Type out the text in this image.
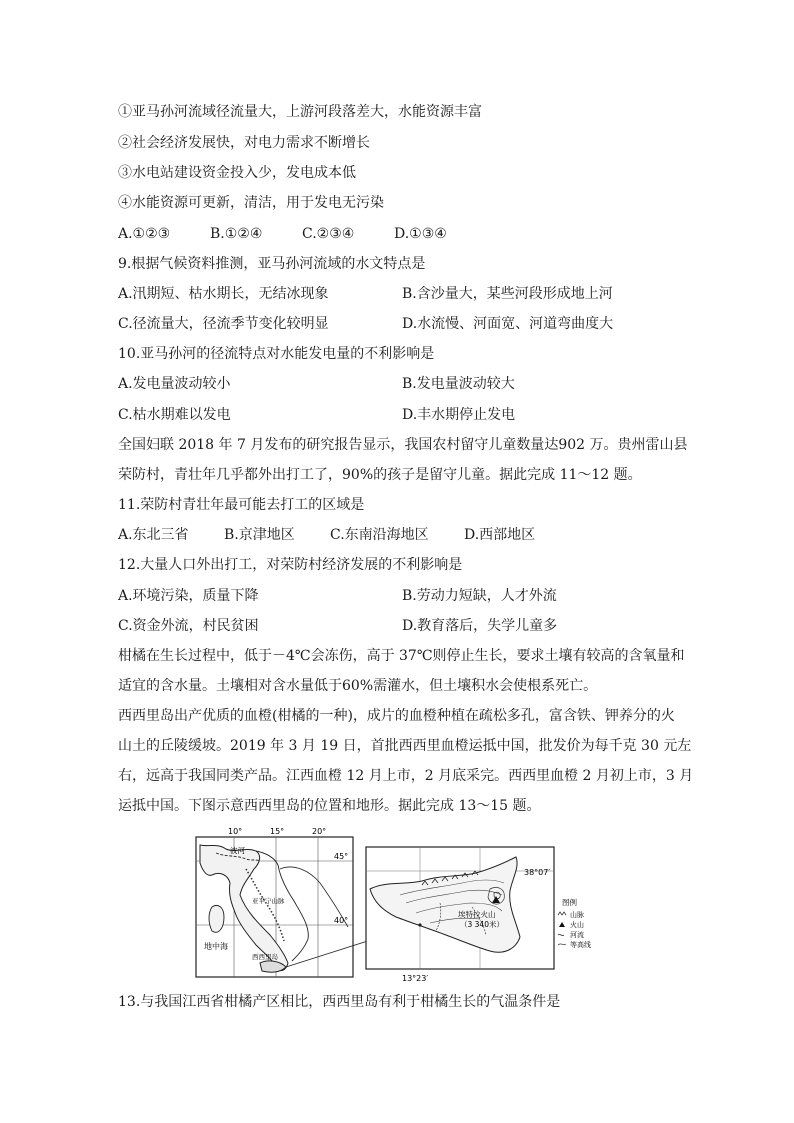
①亚马孙河流域径流量大，上游河段落差大，水能资源丰富
②社会经济发展快，对电力需求不断增长
③水电站建设资金投入少，发电成本低
④水能资源可更新，清洁，用于发电无污染
A.①②③	B.①②④	C.②③④	D.①③④
9.根据气候资料推测，亚马孙河流域的水文特点是
A.汛期短、枯水期长，无结冰现象	B.含沙量大，某些河段形成地上河
C.径流量大，径流季节变化较明显	D.水流慢、河面宽、河道弯曲度大
10.亚马孙河的径流特点对水能发电量的不利影响是
A.发电量波动较小	B.发电量波动较大
C.枯水期难以发电	D.丰水期停止发电
全国妇联 2018 年 7 月发布的研究报告显示，我国农村留守儿童数量达902 万。贵州雷山县
荣防村，青壮年几乎都外出打工了，90%的孩子是留守儿童。据此完成 11～12 题。
11.荣防村青壮年最可能去打工的区域是
A.东北三省	B.京津地区	C.东南沿海地区	D.西部地区
12.大量人口外出打工，对荣防村经济发展的不利影响是
A.环境污染，质量下降	B.劳动力短缺，人才外流
C.资金外流，村民贫困	D.教育落后，失学儿童多
柑橘在生长过程中，低于－4℃会冻伤，高于 37℃则停止生长，要求土壤有较高的含氧量和
适宜的含水量。土壤相对含水量低于60%需灌水，但土壤积水会使根系死亡。
西西里岛出产优质的血橙(柑橘的一种)，成片的血橙种植在疏松多孔，富含铁、钾养分的火
山土的丘陵缓坡。2019 年 3 月 19 日，首批西西里血橙运抵中国，批发价为每千克 30 元左
右，远高于我国同类产品。江西血橙 12 月上市，2 月底采完。西西里血橙 2 月初上市，3 月
运抵中国。下图示意西西里岛的位置和地形。据此完成 13～15 题。
10°	15°	20°
45°
40°
波河
亚平宁山脉
地中海
西西里岛
38°07′
13°23′
埃特拉火山
（3 340米）
图例
山脉
火山
河流
等高线
13.与我国江西省柑橘产区相比，西西里岛有利于柑橘生长的气温条件是
